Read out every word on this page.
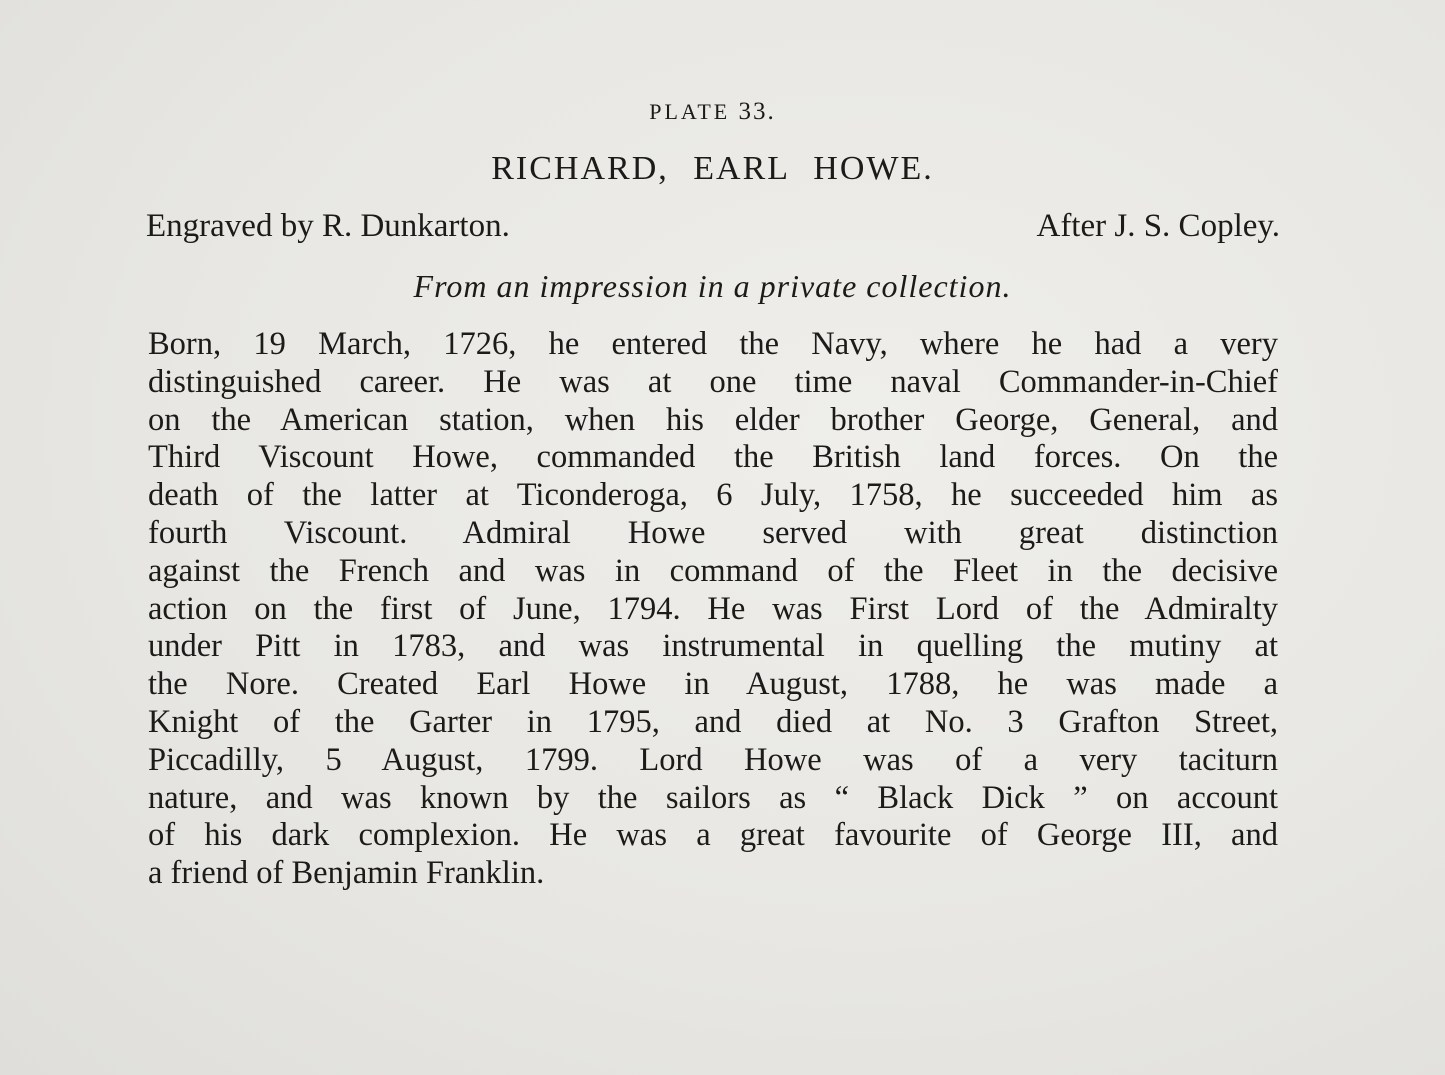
PLATE 33.
RICHARD, EARL HOWE.
Engraved by R. Dunkarton.	After J. S. Copley.
From an impression in a private collection.
Born, 19 March, 1726, he entered the Navy, where he had a very
distinguished career. He was at one time naval Commander-in-Chief
on the American station, when his elder brother George, General, and
Third Viscount Howe, commanded the British land forces. On the
death of the latter at Ticonderoga, 6 July, 1758, he succeeded him as
fourth Viscount. Admiral Howe served with great distinction
against the French and was in command of the Fleet in the decisive
action on the first of June, 1794. He was First Lord of the Admiralty
under Pitt in 1783, and was instrumental in quelling the mutiny at
the Nore. Created Earl Howe in August, 1788, he was made a
Knight of the Garter in 1795, and died at No. 3 Grafton Street,
Piccadilly, 5 August, 1799. Lord Howe was of a very taciturn
nature, and was known by the sailors as “ Black Dick ” on account
of his dark complexion. He was a great favourite of George III, and
a friend of Benjamin Franklin.
